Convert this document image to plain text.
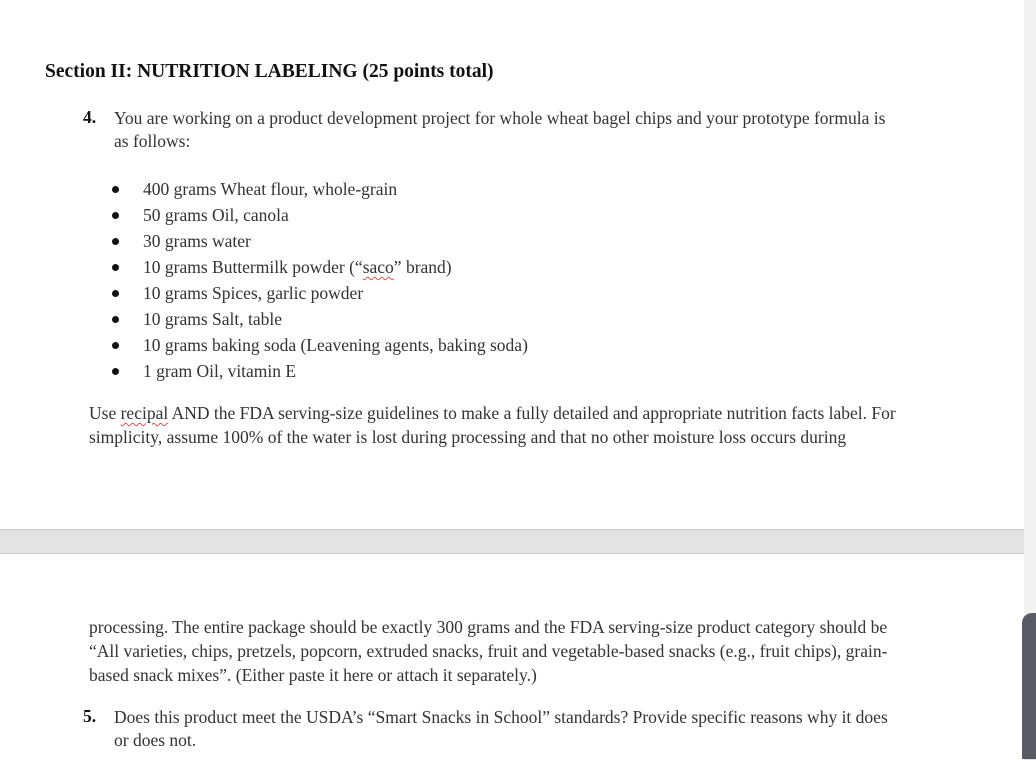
Section II: NUTRITION LABELING (25 points total)
4. You are working on a product development project for whole wheat bagel chips and your prototype formula is

as follows:

400 grams Wheat flour, whole-grain
50 grams Oil, canola
30 grams water
10 grams Buttermilk powder (“saco” brand)
10 grams Spices, garlic powder
10 grams Salt, table
10 grams baking soda (Leavening agents, baking soda)
1 gram Oil, vitamin E

Use recipal AND the FDA serving-size guidelines to make a fully detailed and appropriate nutrition facts label. For
simplicity, assume 100% of the water is lost during processing and that no other moisture loss occurs during

processing. The entire package should be exactly 300 grams and the FDA serving-size product category should be
“All varieties, chips, pretzels, popcorn, extruded snacks, fruit and vegetable-based snacks (e.g., fruit chips), grain-
based snack mixes”. (Either paste it here or attach it separately.)

5. Does this product meet the USDA’s “Smart Snacks in School” standards? Provide specific reasons why it does

or does not.
